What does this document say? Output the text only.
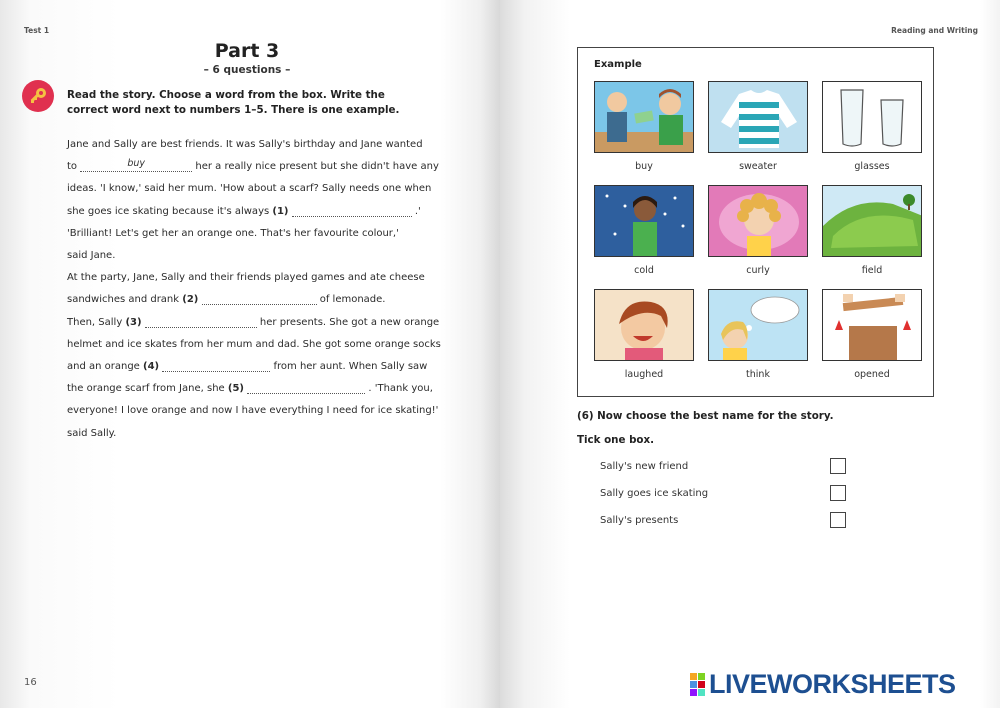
Test 1
Part 3
– 6 questions –
Read the story. Choose a word from the box. Write the correct word next to numbers 1–5. There is one example.
Jane and Sally are best friends. It was Sally's birthday and Jane wanted
to	buy	her a really nice present but she didn't have any
ideas. 'I know,' said her mum. 'How about a scarf? Sally needs one when
she goes ice skating because it's always (1)	.'
'Brilliant! Let's get her an orange one. That's her favourite colour,'
said Jane.
At the party, Jane, Sally and their friends played games and ate cheese
sandwiches and drank (2)	of lemonade.
Then, Sally (3)	her presents. She got a new orange
helmet and ice skates from her mum and dad. She got some orange socks
and an orange (4)	from her aunt. When Sally saw
the orange scarf from Jane, she (5)	. 'Thank you,
everyone! I love orange and now I have everything I need for ice skating!'
said Sally.
16
Reading and Writing
Example
buy	sweater	glasses
cold	curly	field
laughed	think	opened
(6) Now choose the best name for the story.
Tick one box.
Sally's new friend
Sally goes ice skating
Sally's presents
LIVEWORKSHEETS
